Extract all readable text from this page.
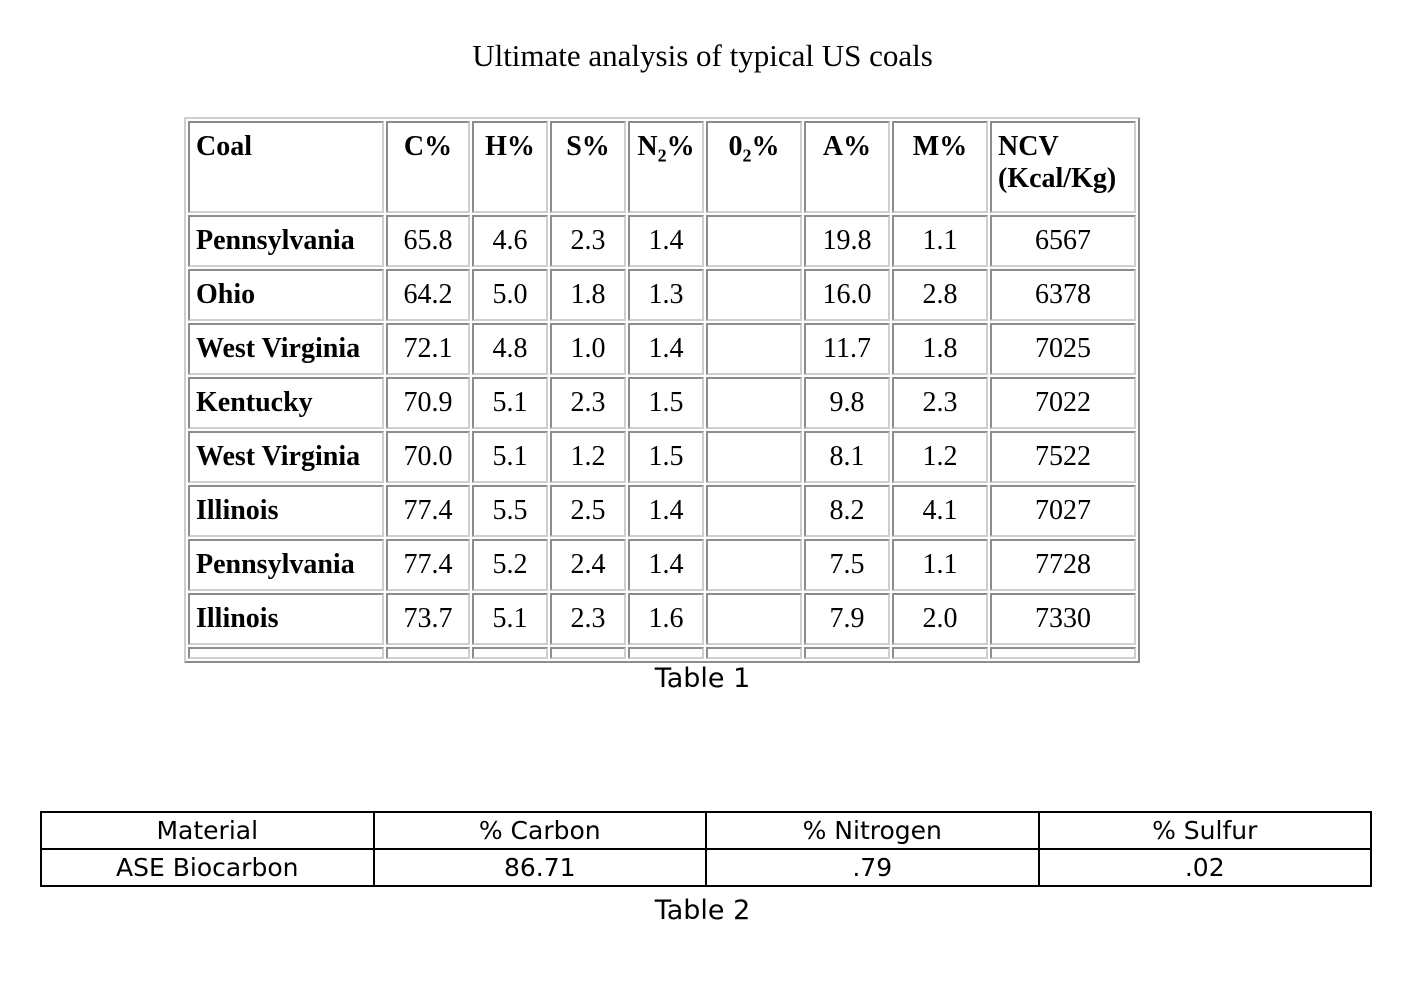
Ultimate analysis of typical US coals
Coal	C%	H%	S%	$N_2\%$	$0_2\%$	A%	M%	NCV
(Kcal/Kg)
Pennsylvania	65.8	4.6	2.3	1.4		19.8	1.1	6567
Ohio	64.2	5.0	1.8	1.3		16.0	2.8	6378
West Virginia	72.1	4.8	1.0	1.4		11.7	1.8	7025
Kentucky	70.9	5.1	2.3	1.5		9.8	2.3	7022
West Virginia	70.0	5.1	1.2	1.5		8.1	1.2	7522
Illinois	77.4	5.5	2.5	1.4		8.2	4.1	7027
Pennsylvania	77.4	5.2	2.4	1.4		7.5	1.1	7728
Illinois	73.7	5.1	2.3	1.6		7.9	2.0	7330

Table 1
Material	% Carbon	% Nitrogen	% Sulfur
ASE Biocarbon	86.71	.79	.02
Table 2
